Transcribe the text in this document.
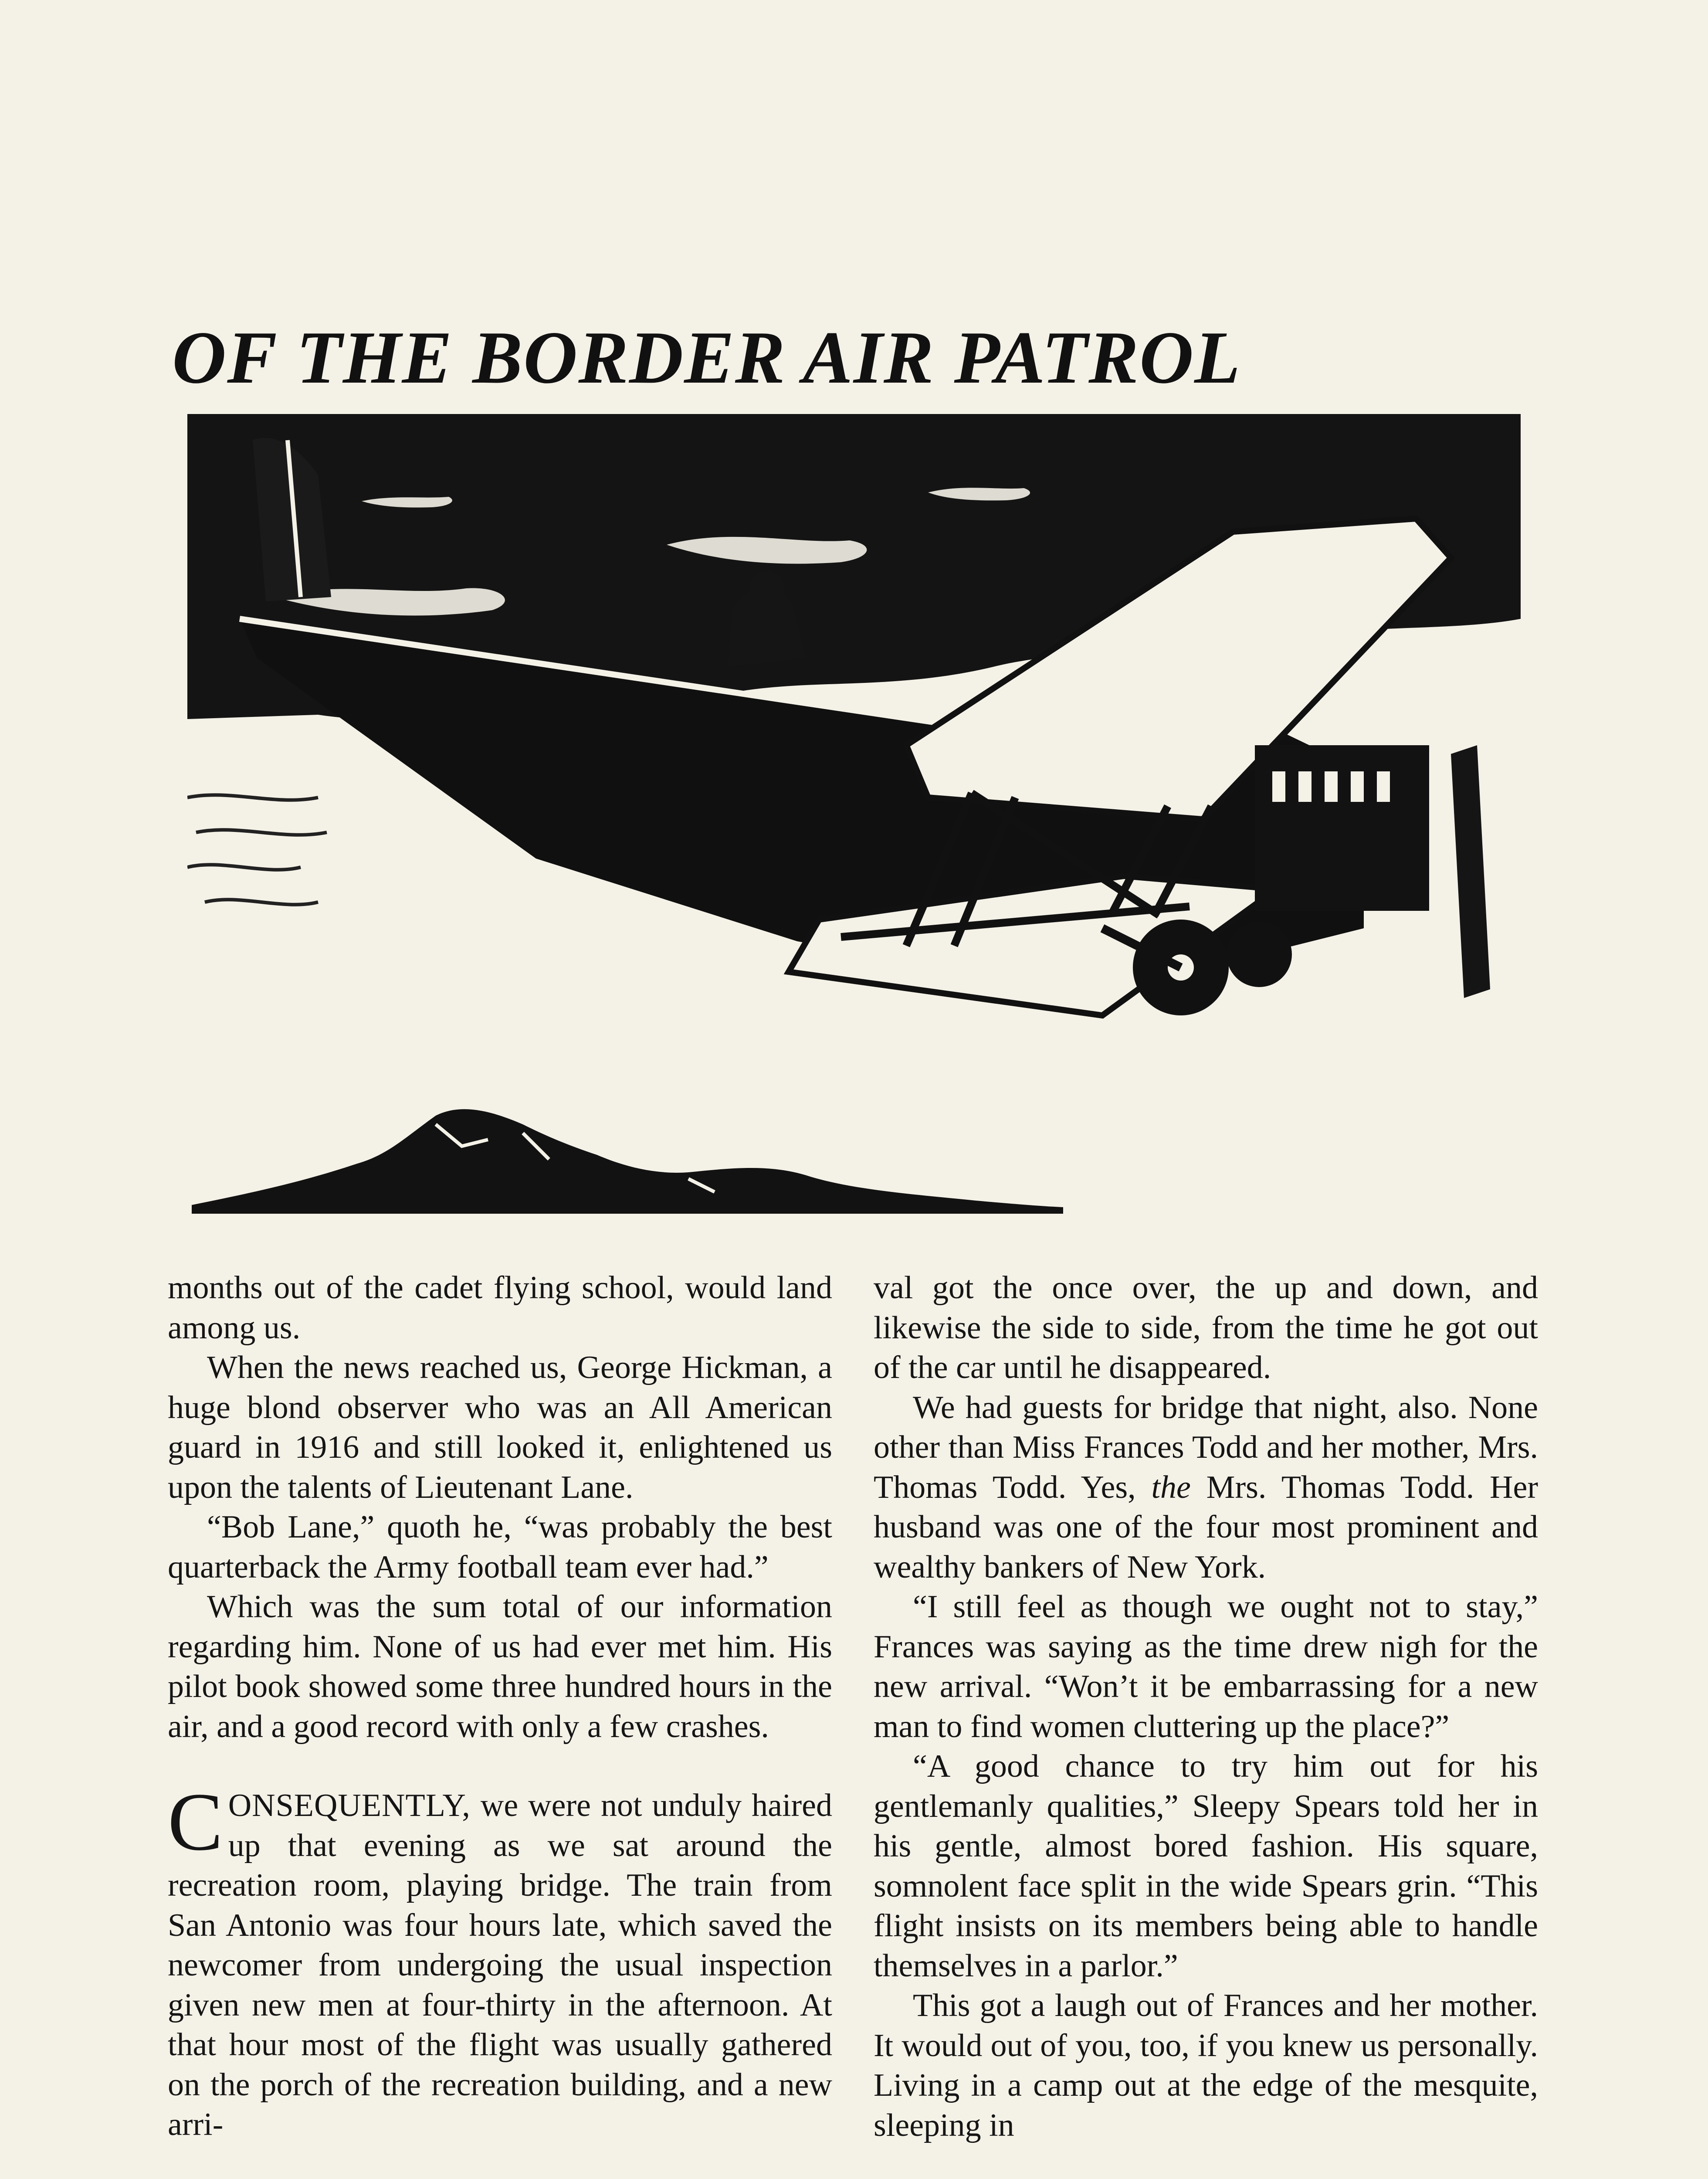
OF THE BORDER AIR PATROL

months out of the cadet flying school, would land among us.

When the news reached us, George Hickman, a huge blond observer who was an All American guard in 1916 and still looked it, enlightened us upon the talents of Lieutenant Lane.

“Bob Lane,” quoth he, “was probably the best quarterback the Army football team ever had.”

Which was the sum total of our information regarding him. None of us had ever met him. His pilot book showed some three hundred hours in the air, and a good record with only a few crashes.

CONSEQUENTLY, we were not unduly haired up that evening as we sat around the recreation room, playing bridge. The train from San Antonio was four hours late, which saved the newcomer from undergoing the usual inspection given new men at four-thirty in the afternoon. At that hour most of the flight was usually gathered on the porch of the recreation building, and a new arri-

val got the once over, the up and down, and likewise the side to side, from the time he got out of the car until he disappeared.

We had guests for bridge that night, also. None other than Miss Frances Todd and her mother, Mrs. Thomas Todd. Yes, the Mrs. Thomas Todd. Her husband was one of the four most prominent and wealthy bankers of New York.

“I still feel as though we ought not to stay,” Frances was saying as the time drew nigh for the new arrival. “Won’t it be embarrassing for a new man to find women cluttering up the place?”

“A good chance to try him out for his gentlemanly qualities,” Sleepy Spears told her in his gentle, almost bored fashion. His square, somnolent face split in the wide Spears grin. “This flight insists on its members being able to handle themselves in a parlor.”

This got a laugh out of Frances and her mother. It would out of you, too, if you knew us personally. Living in a camp out at the edge of the mesquite, sleeping in
